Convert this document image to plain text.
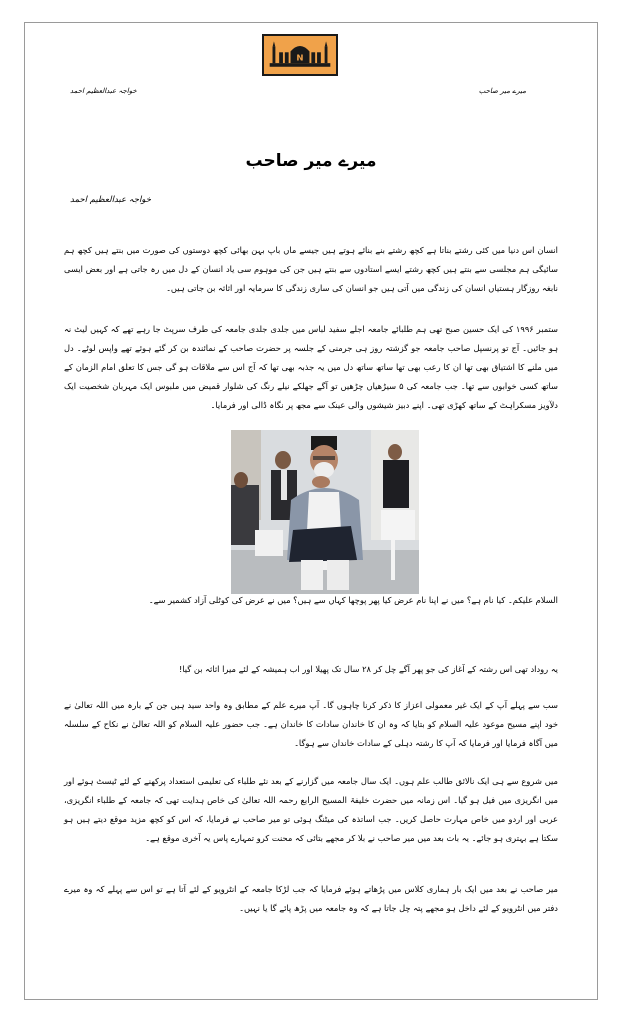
N
خواجہ عبدالعظیم احمد	میرے میر صاحب
میرے میر صاحب
خواجہ عبدالعظیم احمد

انسان اس دنیا میں کئی رشتے بناتا ہے کچھ رشتے بنے بنائے ہوتے ہیں جیسے ماں باپ بہن بھائی کچھ دوستوں کی صورت میں بنتے ہیں کچھ ہم سائیگی ہم مجلسی سے بنتے ہیں کچھ رشتے ایسے استادوں سے بنتے ہیں جن کی موہوم سی یاد انسان کے دل میں رہ جاتی ہے اور بعض ایسی نابغہ روزگار ہستیاں انسان کی زندگی میں آتی ہیں جو انسان کی ساری زندگی کا سرمایہ اور اثاثہ بن جاتی ہیں۔

ستمبر ۱۹۹۶ کی ایک حسین صبح تھی ہم طلبائے جامعہ اجلے سفید لباس میں جلدی جلدی جامعہ کی طرف سرپٹ جا رہے تھے کہ کہیں لیٹ نہ ہو جائیں۔ آج تو پرنسپل صاحب جامعہ جو گزشتہ روز ہی جرمنی کے جلسہ پر حضرت صاحب کے نمائندہ بن کر گئے ہوئے تھے واپس لوٹے۔ دل میں ملنے کا اشتیاق بھی تھا ان کا رعب بھی تھا ساتھ ساتھ دل میں یہ جذبہ بھی تھا کہ آج اس سے ملاقات ہو گی جس کا تعلق امام الزمان کے ساتھ کسی خوابوں سے تھا۔ جب جامعہ کی ۵ سیڑھیاں چڑھیں تو آگے جھلکے نیلے رنگ کی شلوار قمیض میں ملبوس ایک مہربان شخصیت ایک دلآویز مسکراہٹ کے ساتھ کھڑی تھی۔ اپنے دبیز شیشوں والی عینک سے مجھ پر نگاہ ڈالی اور فرمایا۔

السلام علیکم۔ کیا نام ہے؟ میں نے اپنا نام عرض کیا پھر پوچھا کہاں سے ہیں؟ میں نے عرض کی کوٹلی آزاد کشمیر سے۔

یہ روداد تھی اس رشتہ کے آغاز کی جو پھر آگے چل کر ۲۸ سال تک پھیلا اور اب ہمیشہ کے لئے میرا اثاثہ بن گیا!

سب سے پہلے آپ کے ایک غیر معمولی اعزاز کا ذکر کرنا چاہوں گا۔ آپ میرے علم کے مطابق وہ واحد سید ہیں جن کے بارہ میں اللہ تعالیٰ نے خود اپنے مسیح موعود علیہ السلام کو بتایا کہ وہ ان کا خاندان سادات کا خاندان ہے۔ جب حضور علیہ السلام کو اللہ تعالیٰ نے نکاح کے سلسلہ میں آگاہ فرمایا اور فرمایا کہ آپ کا رشتہ دہلی کے سادات خاندان سے ہوگا۔

میں شروع سے ہی ایک نالائق طالب علم ہوں۔ ایک سال جامعہ میں گزارنے کے بعد نئے طلباء کی تعلیمی استعداد پرکھنے کے لئے ٹیسٹ ہوئے اور میں انگریزی میں فیل ہو گیا۔ اس زمانہ میں حضرت خلیفۃ المسیح الرابع رحمہ اللہ تعالیٰ کی خاص ہدایت تھی کہ جامعہ کے طلباء انگریزی، عربی اور اردو میں خاص مہارت حاصل کریں۔ جب اساتذہ کی میٹنگ ہوئی تو میر صاحب نے فرمایا، کہ اس کو کچھ مزید موقع دیتے ہیں ہو سکتا ہے بہتری ہو جائے۔ یہ بات بعد میں میر صاحب نے بلا کر مجھے بتائی کہ محنت کرو تمہارے پاس یہ آخری موقع ہے۔

میر صاحب نے بعد میں ایک بار ہماری کلاس میں پڑھاتے ہوئے فرمایا کہ جب لڑکا جامعہ کے انٹرویو کے لئے آتا ہے تو اس سے پہلے کہ وہ میرے دفتر میں انٹرویو کے لئے داخل ہو مجھے پتہ چل جاتا ہے کہ وہ جامعہ میں پڑھ پائے گا یا نہیں۔
